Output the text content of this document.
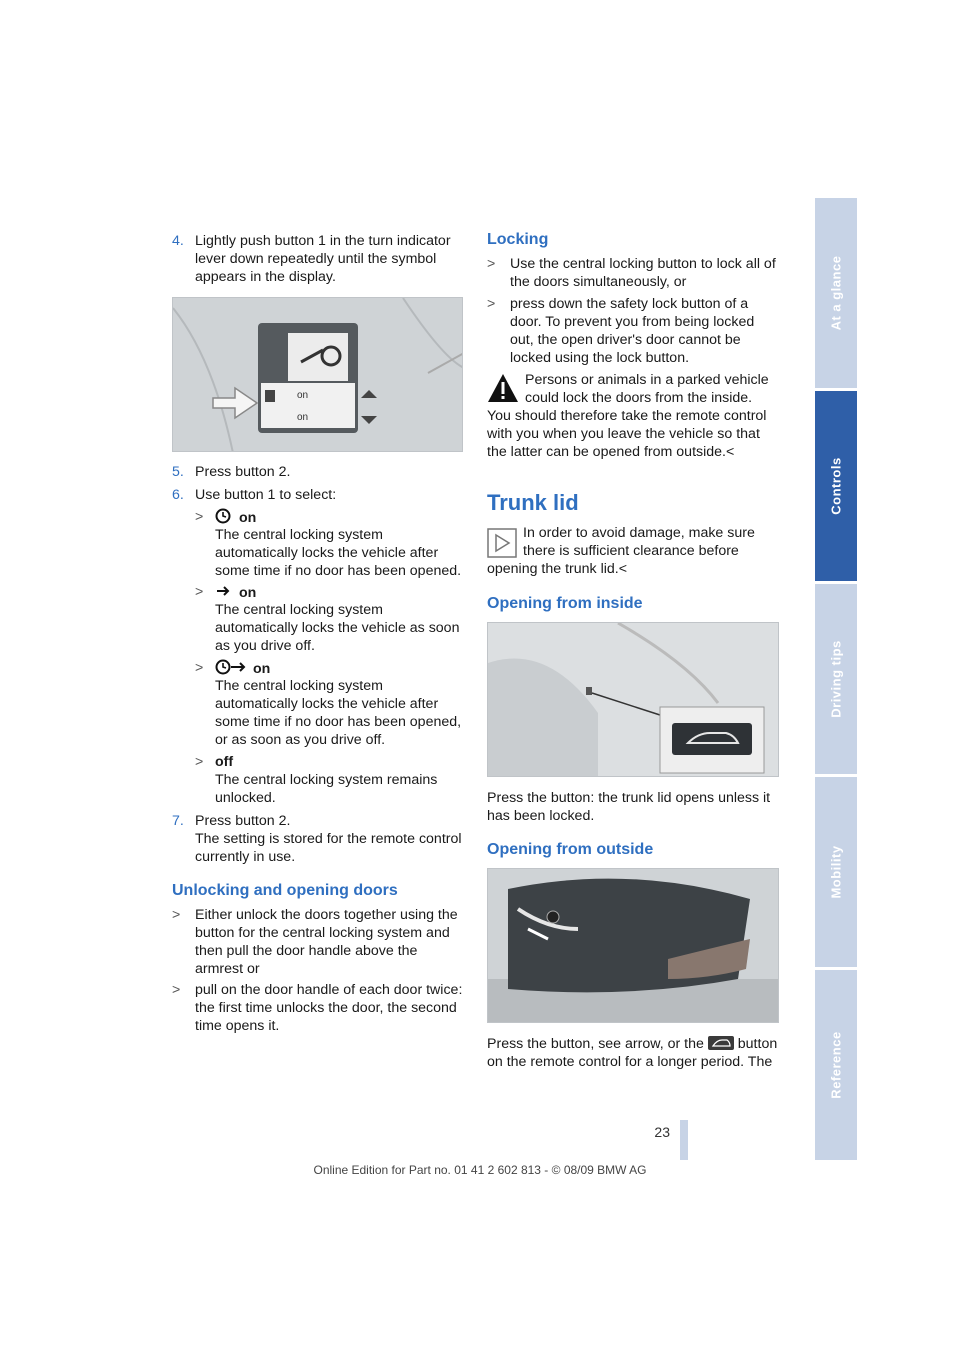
At a glance
Controls
Driving tips
Mobility
Reference
4. Lightly push button 1 in the turn indicator lever down repeatedly until the symbol appears in the display.
on
on
5. Press button 2.
6. Use button 1 to select:
>	on
The central locking system automatically locks the vehicle after some time if no door has been opened.
>	on
The central locking system automatically locks the vehicle as soon as you drive off.
>	on
The central locking system automatically locks the vehicle after some time if no door has been opened, or as soon as you drive off.
> off
The central locking system remains unlocked.
7. Press button 2.
The setting is stored for the remote control currently in use.
Unlocking and opening doors
>	Either unlock the doors together using the button for the central locking system and then pull the door handle above the armrest or
>	pull on the door handle of each door twice: the first time unlocks the door, the second time opens it.
Locking
>	Use the central locking button to lock all of the doors simultaneously, or
>	press down the safety lock button of a door. To prevent you from being locked out, the open driver's door cannot be locked using the lock button.
Persons or animals in a parked vehicle could lock the doors from the inside. You should therefore take the remote control with you when you leave the vehicle so that the latter can be opened from outside.<
Trunk lid
In order to avoid damage, make sure there is sufficient clearance before opening the trunk lid.<
Opening from inside
Press the button: the trunk lid opens unless it has been locked.
Opening from outside
Press the button, see arrow, or the button on the remote control for a longer period. The
23
Online Edition for Part no. 01 41 2 602 813 - © 08/09 BMW AG
